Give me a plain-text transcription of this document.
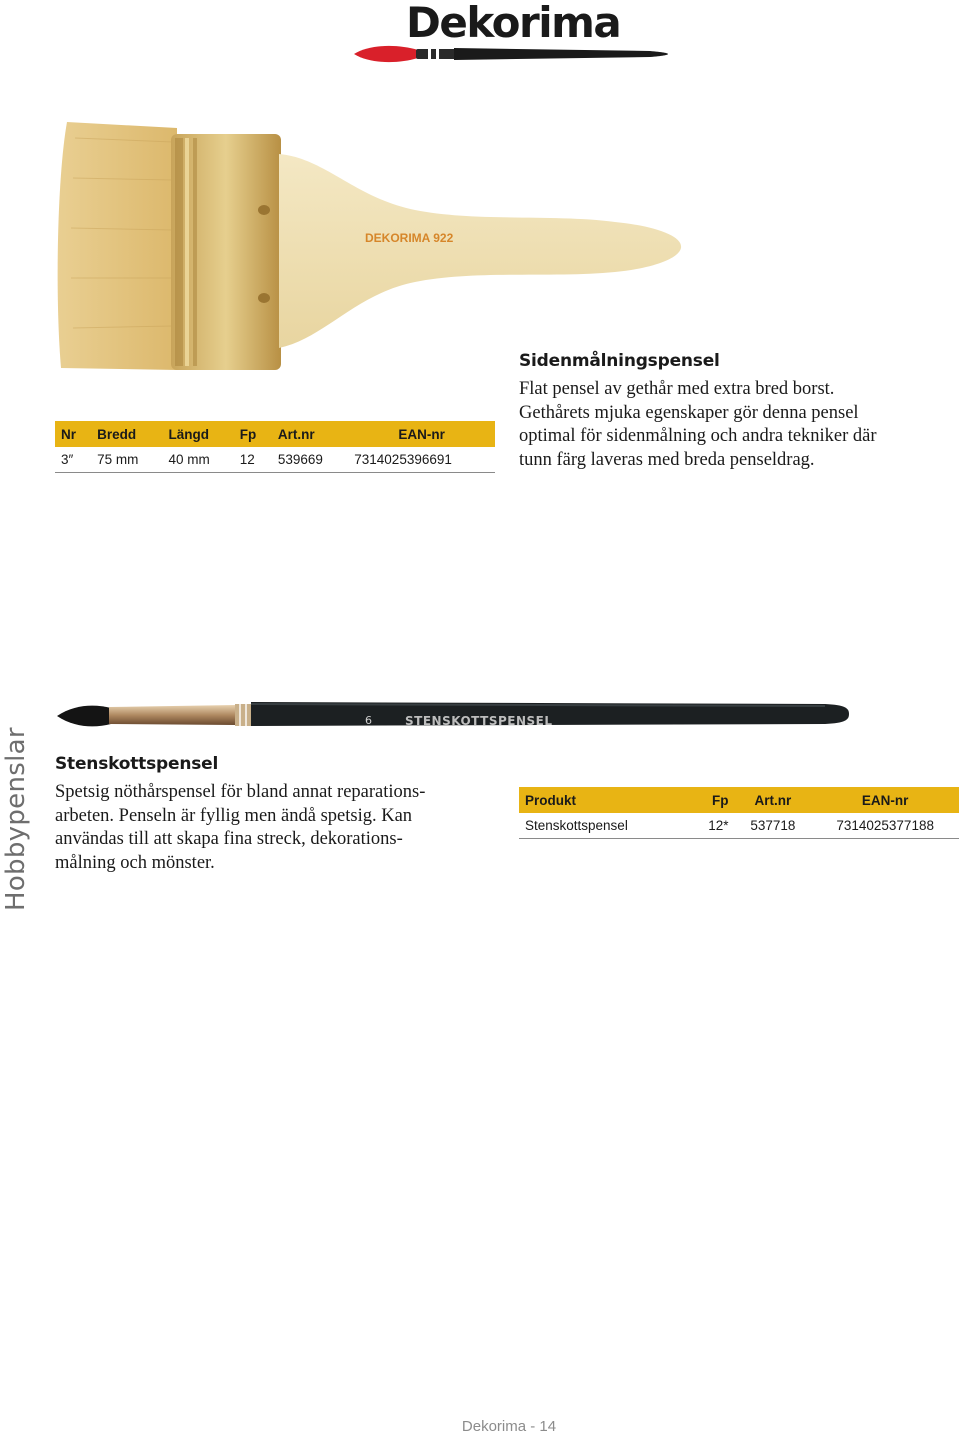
Dekorima
DEKORIMA 922
Nr	Bredd	Längd	Fp	Art.nr	EAN-nr
3″	75 mm	40 mm	12	539669	7314025396691
Sidenmålningspensel
Flat pensel av gethår med extra bred borst.
Gethårets mjuka egenskaper gör denna pensel
optimal för sidenmålning och andra tekniker där
tunn färg laveras med breda penseldrag.
6	STENSKOTTSPENSEL
Hobbypenslar Stenskottspensel
Spetsig nöthårspensel för bland annat reparations-
arbeten. Penseln är fyllig men ändå spetsig. Kan
användas till att skapa fina streck, dekorations-
målning och mönster.
Produkt	Fp	Art.nr	EAN-nr
Stenskottspensel	12*	537718	7314025377188
Dekorima - 14
